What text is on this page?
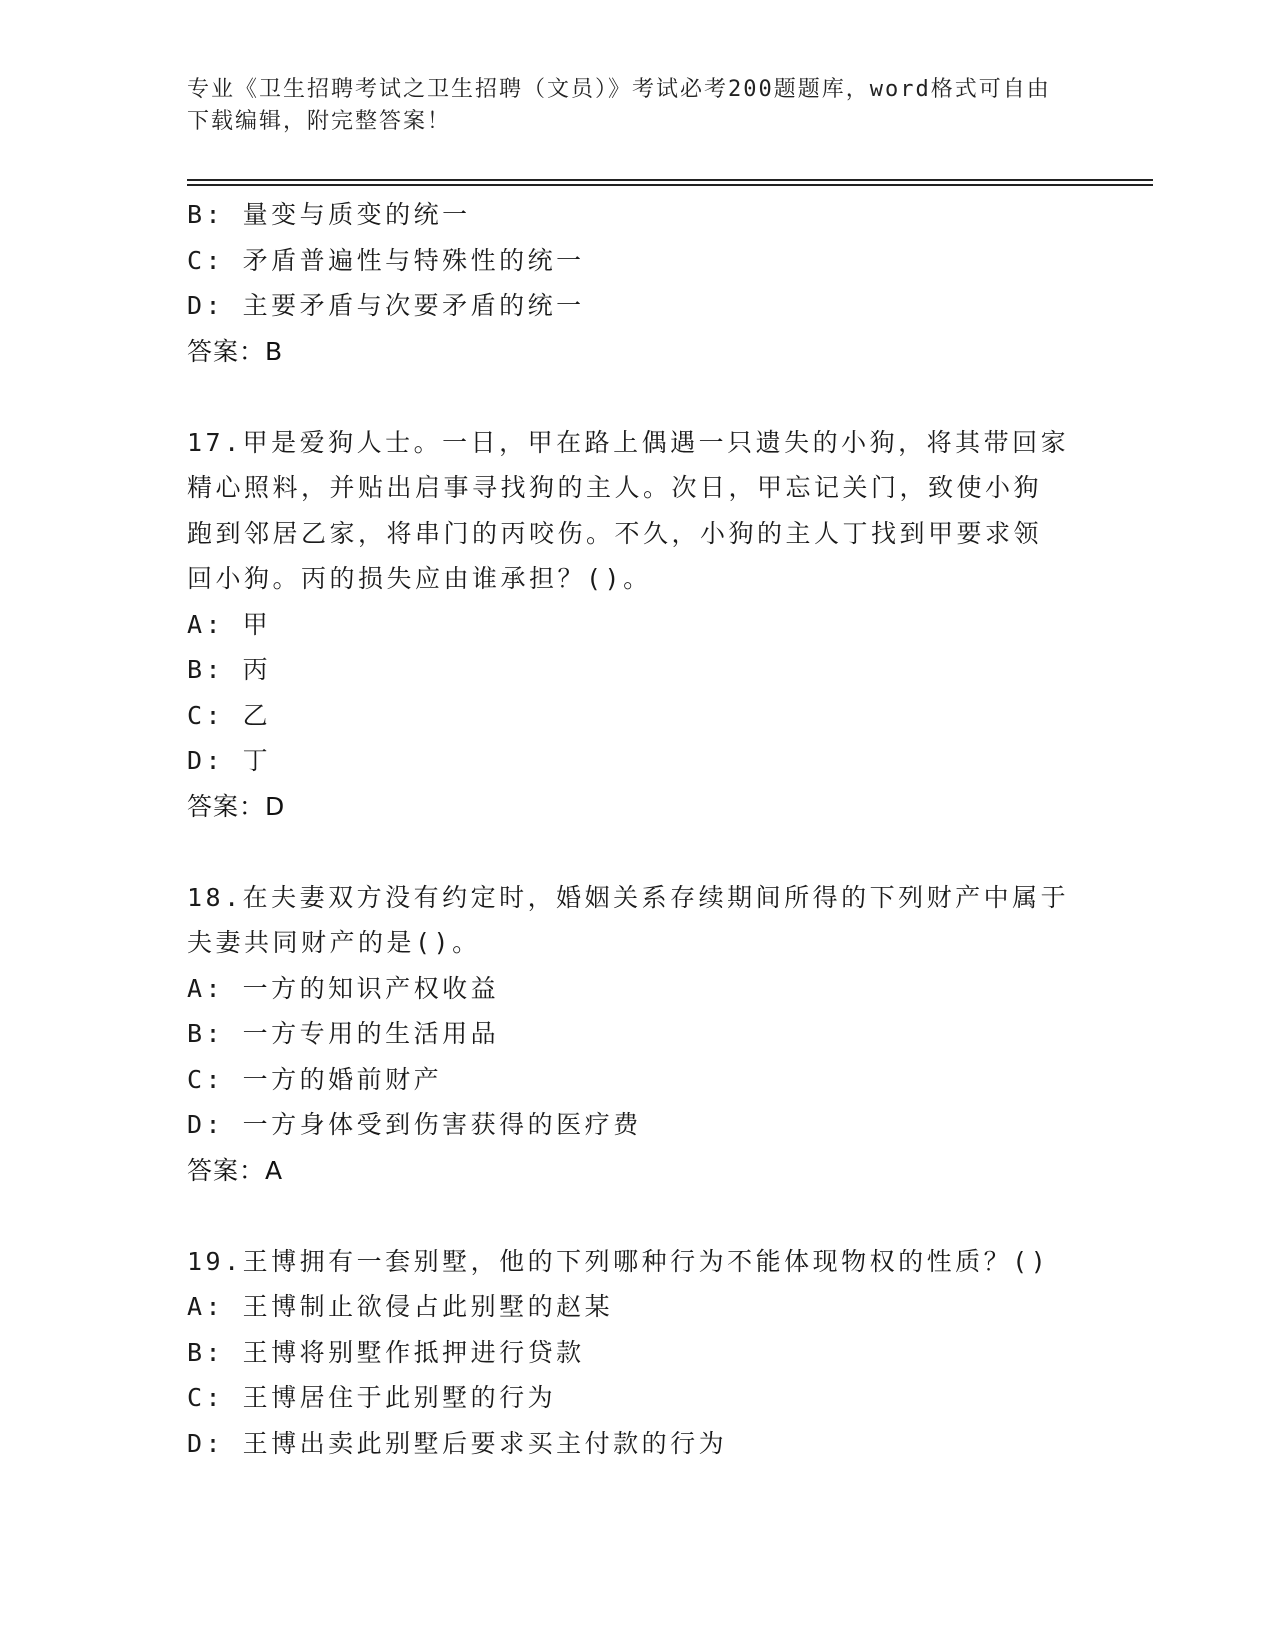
专业《卫生招聘考试之卫生招聘（文员）》考试必考200题题库，word格式可自由下载编辑，附完整答案！
B: 量变与质变的统一
C: 矛盾普遍性与特殊性的统一
D: 主要矛盾与次要矛盾的统一
答案：B
17.甲是爱狗人士。一日，甲在路上偶遇一只遗失的小狗，将其带回家
精心照料，并贴出启事寻找狗的主人。次日，甲忘记关门，致使小狗
跑到邻居乙家，将串门的丙咬伤。不久，小狗的主人丁找到甲要求领
回小狗。丙的损失应由谁承担？()。
A: 甲
B: 丙
C: 乙
D: 丁
答案：D
18.在夫妻双方没有约定时，婚姻关系存续期间所得的下列财产中属于
夫妻共同财产的是()。
A: 一方的知识产权收益
B: 一方专用的生活用品
C: 一方的婚前财产
D: 一方身体受到伤害获得的医疗费
答案：A
19.王博拥有一套别墅，他的下列哪种行为不能体现物权的性质？()
A: 王博制止欲侵占此别墅的赵某
B: 王博将别墅作抵押进行贷款
C: 王博居住于此别墅的行为
D: 王博出卖此别墅后要求买主付款的行为
